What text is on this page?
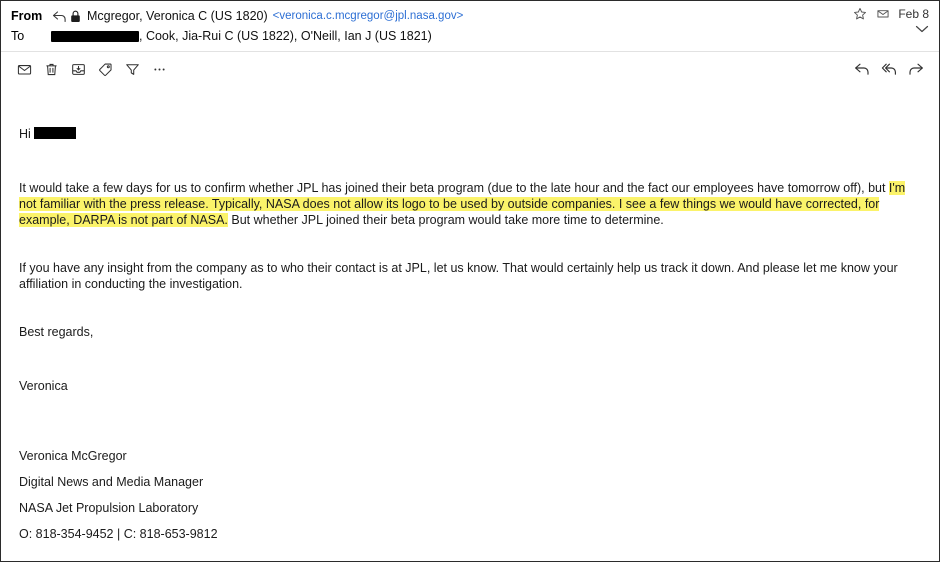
From	Mcgregor, Veronica C (US 1820) <veronica.c.mcgregor@jpl.nasa.gov>
To	, Cook, Jia-Rui C (US 1822), O'Neill, Ian J (US 1821)
Feb 8
Hi
It would take a few days for us to confirm whether JPL has joined their beta program (due to the late hour and the fact our employees have tomorrow off), but I'm not familiar with the press release. Typically, NASA does not allow its logo to be used by outside companies. I see a few things we would have corrected, for example, DARPA is not part of NASA. But whether JPL joined their beta program would take more time to determine.
If you have any insight from the company as to who their contact is at JPL, let us know. That would certainly help us track it down. And please let me know your affiliation in conducting the investigation.
Best regards,
Veronica
Veronica McGregor
Digital News and Media Manager
NASA Jet Propulsion Laboratory
O: 818-354-9452 | C: 818-653-9812
